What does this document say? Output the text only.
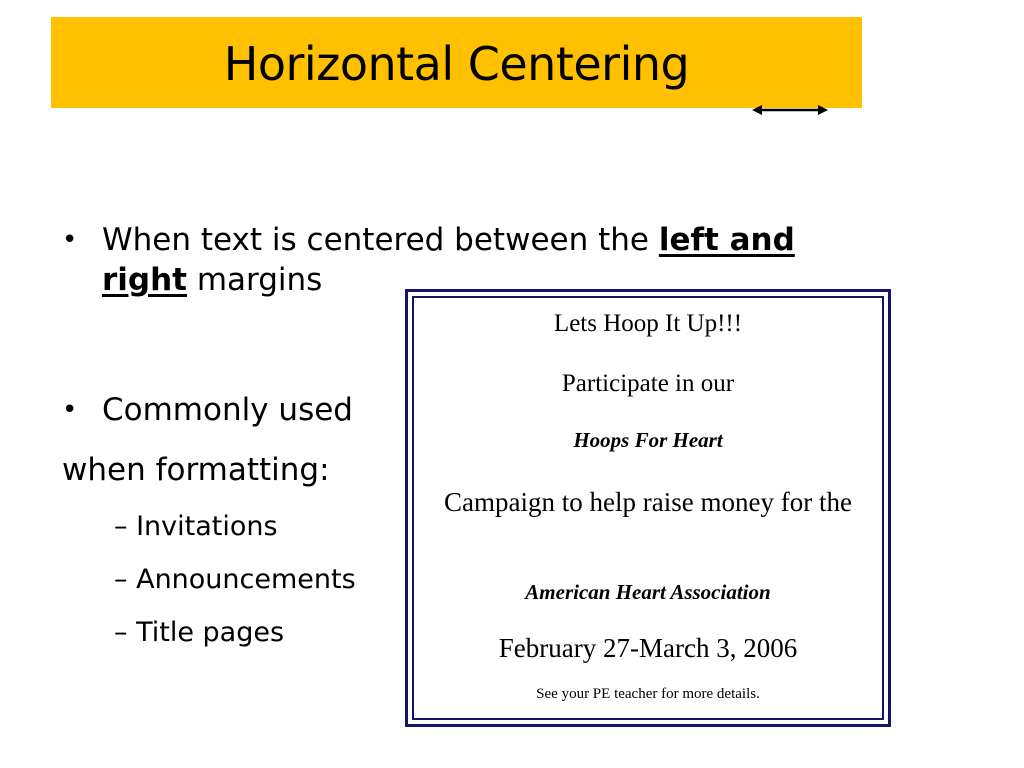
Horizontal Centering
• When text is centered between the left and right margins
• Commonly used
when formatting:
– Invitations
– Announcements
– Title pages
Lets Hoop It Up!!!
Participate in our
Hoops For Heart
Campaign to help raise money for the
American Heart Association
February 27-March 3, 2006
See your PE teacher for more details.
